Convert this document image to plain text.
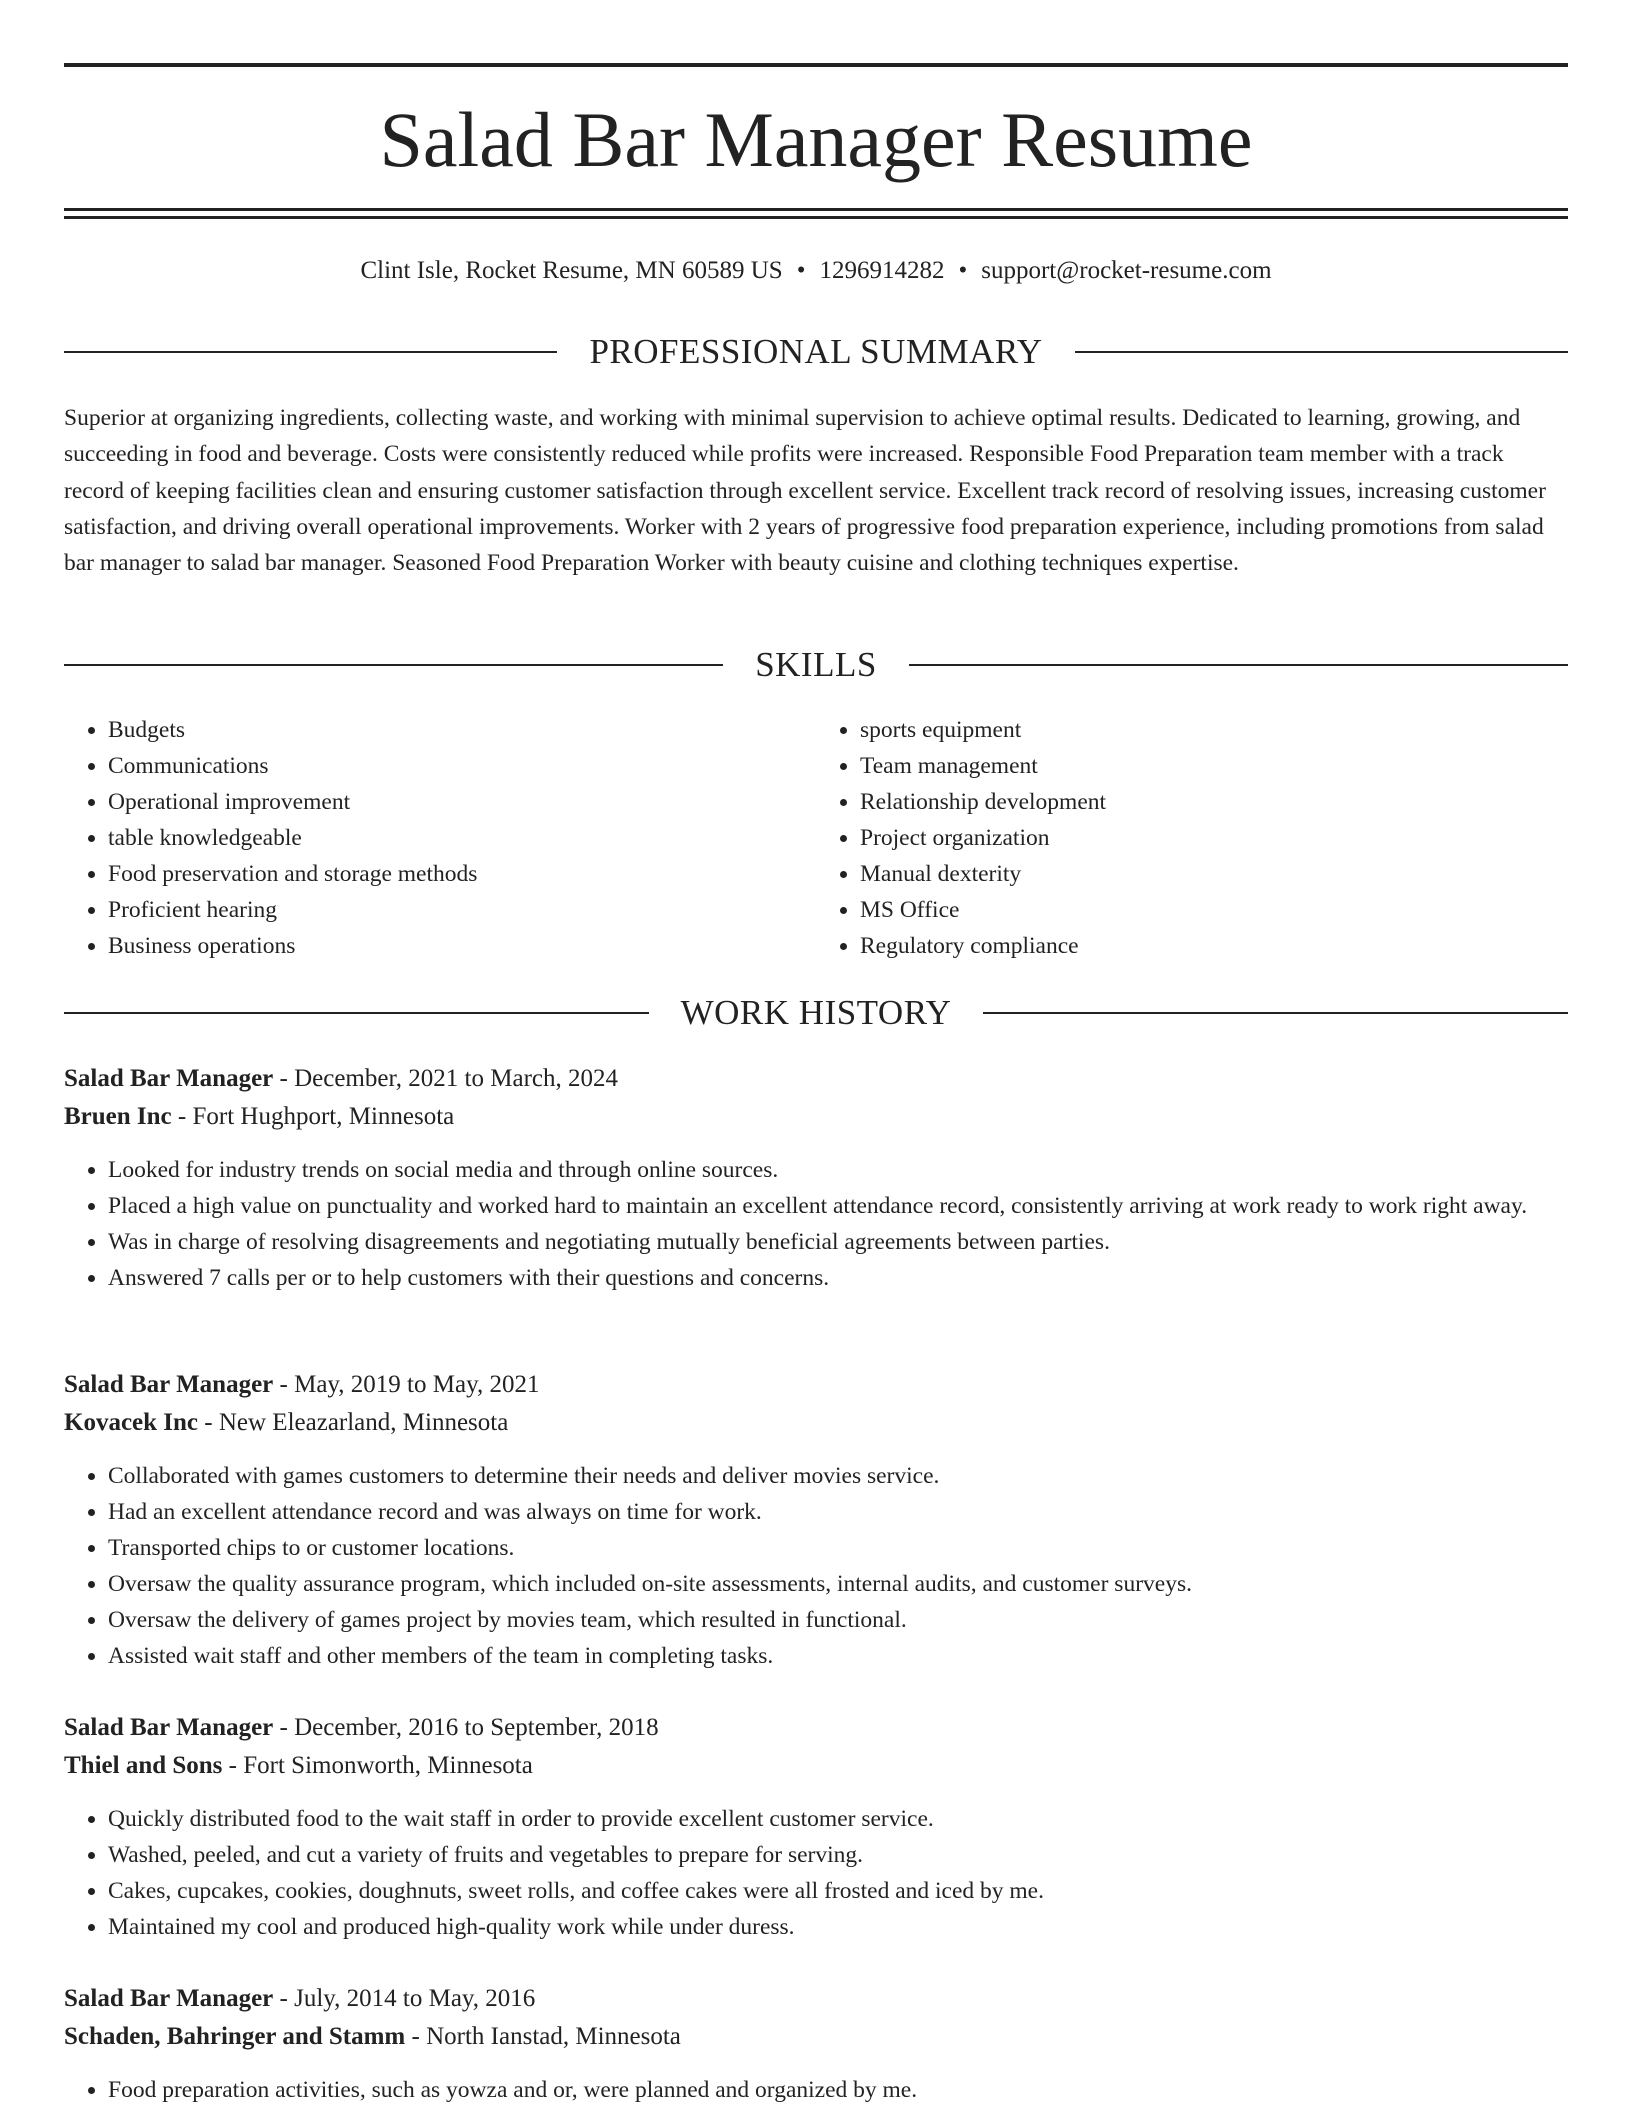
Salad Bar Manager Resume
Clint Isle, Rocket Resume, MN 60589 US • 1296914282 • support@rocket-resume.com
PROFESSIONAL SUMMARY

Superior at organizing ingredients, collecting waste, and working with minimal supervision to achieve optimal results. Dedicated to learning, growing, and succeeding in food and beverage. Costs were consistently reduced while profits were increased. Responsible Food Preparation team member with a track record of keeping facilities clean and ensuring customer satisfaction through excellent service. Excellent track record of resolving issues, increasing customer satisfaction, and driving overall operational improvements. Worker with 2 years of progressive food preparation experience, including promotions from salad bar manager to salad bar manager. Seasoned Food Preparation Worker with beauty cuisine and clothing techniques expertise.

SKILLS
• Budgets
• Communications
• Operational improvement
• table knowledgeable
• Food preservation and storage methods
• Proficient hearing
• Business operations
• sports equipment
• Team management
• Relationship development
• Project organization
• Manual dexterity
• MS Office
• Regulatory compliance
WORK HISTORY
Salad Bar Manager - December, 2021 to March, 2024
Bruen Inc - Fort Hughport, Minnesota
• Looked for industry trends on social media and through online sources.
• Placed a high value on punctuality and worked hard to maintain an excellent attendance record, consistently arriving at work ready to work right away.
• Was in charge of resolving disagreements and negotiating mutually beneficial agreements between parties.
• Answered 7 calls per or to help customers with their questions and concerns.
Salad Bar Manager - May, 2019 to May, 2021
Kovacek Inc - New Eleazarland, Minnesota
• Collaborated with games customers to determine their needs and deliver movies service.
• Had an excellent attendance record and was always on time for work.
• Transported chips to or customer locations.
• Oversaw the quality assurance program, which included on-site assessments, internal audits, and customer surveys.
• Oversaw the delivery of games project by movies team, which resulted in functional.
• Assisted wait staff and other members of the team in completing tasks.
Salad Bar Manager - December, 2016 to September, 2018
Thiel and Sons - Fort Simonworth, Minnesota
• Quickly distributed food to the wait staff in order to provide excellent customer service.
• Washed, peeled, and cut a variety of fruits and vegetables to prepare for serving.
• Cakes, cupcakes, cookies, doughnuts, sweet rolls, and coffee cakes were all frosted and iced by me.
• Maintained my cool and produced high-quality work while under duress.
Salad Bar Manager - July, 2014 to May, 2016
Schaden, Bahringer and Stamm - North Ianstad, Minnesota
• Food preparation activities, such as yowza and or, were planned and organized by me.
